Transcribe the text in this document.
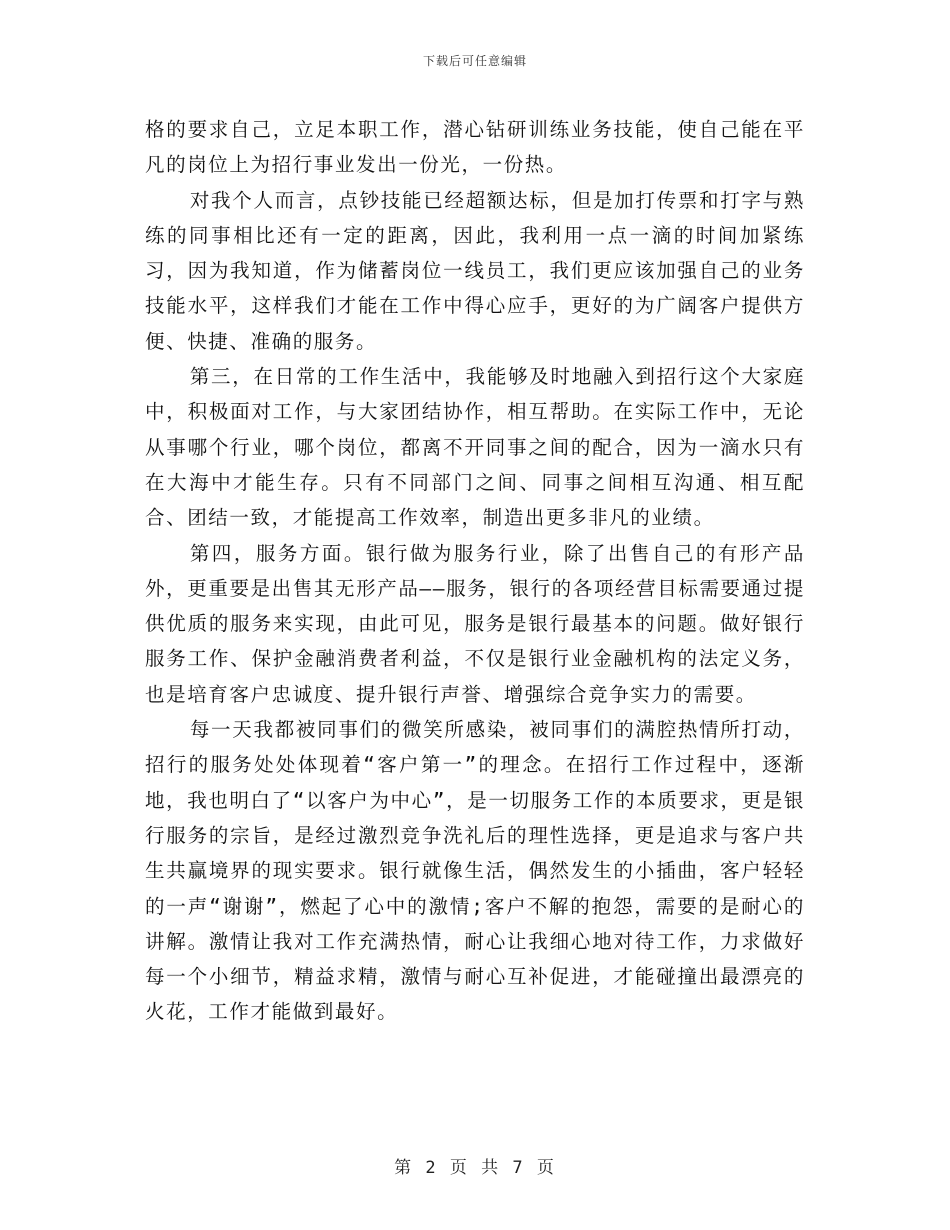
下载后可任意编辑

格的要求自己，立足本职工作，潜心钻研训练业务技能，使自己能在平凡的岗位上为招行事业发出一份光，一份热。

对我个人而言，点钞技能已经超额达标，但是加打传票和打字与熟练的同事相比还有一定的距离，因此，我利用一点一滴的时间加紧练习，因为我知道，作为储蓄岗位一线员工，我们更应该加强自己的业务技能水平，这样我们才能在工作中得心应手，更好的为广阔客户提供方便、快捷、准确的服务。

第三，在日常的工作生活中，我能够及时地融入到招行这个大家庭中，积极面对工作，与大家团结协作，相互帮助。在实际工作中，无论从事哪个行业，哪个岗位，都离不开同事之间的配合，因为一滴水只有在大海中才能生存。只有不同部门之间、同事之间相互沟通、相互配合、团结一致，才能提高工作效率，制造出更多非凡的业绩。

第四，服务方面。银行做为服务行业，除了出售自己的有形产品外，更重要是出售其无形产品——服务，银行的各项经营目标需要通过提供优质的服务来实现，由此可见，服务是银行最基本的问题。做好银行服务工作、保护金融消费者利益，不仅是银行业金融机构的法定义务，也是培育客户忠诚度、提升银行声誉、增强综合竞争实力的需要。

每一天我都被同事们的微笑所感染，被同事们的满腔热情所打动，招行的服务处处体现着“客户第一”的理念。在招行工作过程中，逐渐地，我也明白了“以客户为中心”，是一切服务工作的本质要求，更是银行服务的宗旨，是经过激烈竞争洗礼后的理性选择，更是追求与客户共生共赢境界的现实要求。银行就像生活，偶然发生的小插曲，客户轻轻的一声“谢谢”，燃起了心中的激情;客户不解的抱怨，需要的是耐心的讲解。激情让我对工作充满热情，耐心让我细心地对待工作，力求做好每一个小细节，精益求精，激情与耐心互补促进，才能碰撞出最漂亮的火花，工作才能做到最好。

第 2 页 共 7 页
